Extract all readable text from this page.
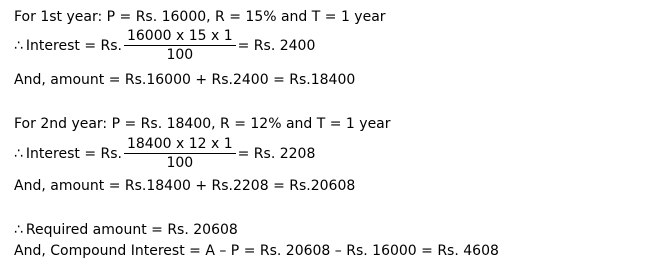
For 1st year: P = Rs. 16000, R = 15% and T = 1 year
∴ Interest = Rs. $\frac{16000 x 15 x 1}{100} = Rs$. 2400
And, amount = Rs.16000 + Rs.2400 = Rs.18400
For 2nd year: P = Rs. 18400, R = 12% and T = 1 year
∴ Interest = Rs. $\frac{18400 x 12 x 1}{100} = Rs$. 2208
And, amount = Rs.18400 + Rs.2208 = Rs.20608
∴ Required amount = Rs. 20608
And, Compound Interest = A – P = Rs. 20608 – Rs. 16000 = Rs. 4608
